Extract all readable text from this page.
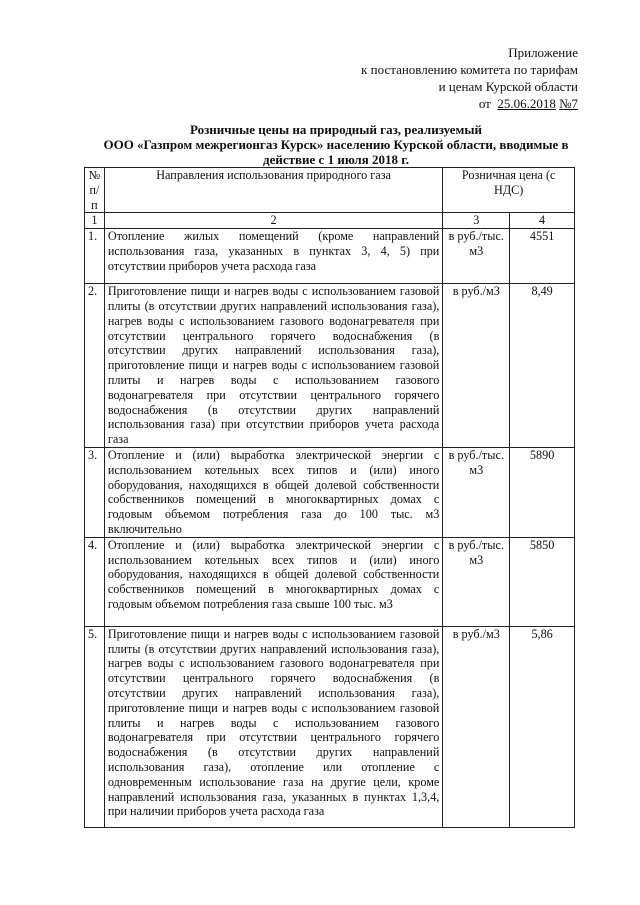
Приложение
к постановлению комитета по тарифам
и ценам Курской области
от 25.06.2018 №7
Розничные цены на природный газ, реализуемый
ООО «Газпром межрегионгаз Курск» населению Курской области, вводимые в
действие с 1 июля 2018 г.
№ п/п	Направления использования природного газа	Розничная цена (с НДС)	
1	2	3	4
1.	Отопление жилых помещений (кроме направлений использования газа, указанных в пунктах 3, 4, 5) при отсутствии приборов учета расхода газа	в руб./тыс. м3	4551
2.	Приготовление пищи и нагрев воды с использованием газовой плиты (в отсутствии других направлений использования газа), нагрев воды с использованием газового водонагревателя при отсутствии центрального горячего водоснабжения (в отсутствии других направлений использования газа), приготовление пищи и нагрев воды с использованием газовой плиты и нагрев воды с использованием газового водонагревателя при отсутствии центрального горячего водоснабжения (в отсутствии других направлений использования газа) при отсутствии приборов учета расхода газа	в руб./м3	8,49
3.	Отопление и (или) выработка электрической энергии с использованием котельных всех типов и (или) иного оборудования, находящихся в общей долевой собственности собственников помещений в многоквартирных домах с годовым объемом потребления газа до 100 тыс. м3 включительно	в руб./тыс. м3	5890
4.	Отопление и (или) выработка электрической энергии с использованием котельных всех типов и (или) иного оборудования, находящихся в общей долевой собственности собственников помещений в многоквартирных домах с годовым объемом потребления газа свыше 100 тыс. м3	в руб./тыс. м3	5850
5.	Приготовление пищи и нагрев воды с использованием газовой плиты (в отсутствии других направлений использования газа), нагрев воды с использованием газового водонагревателя при отсутствии центрального горячего водоснабжения (в отсутствии других направлений использования газа), приготовление пищи и нагрев воды с использованием газовой плиты и нагрев воды с использованием газового водонагревателя при отсутствии центрального горячего водоснабжения (в отсутствии других направлений использования газа), отопление или отопление с одновременным использование газа на другие цели, кроме направлений использования газа, указанных в пунктах 1,3,4, при наличии приборов учета расхода газа	в руб./м3	5,86
